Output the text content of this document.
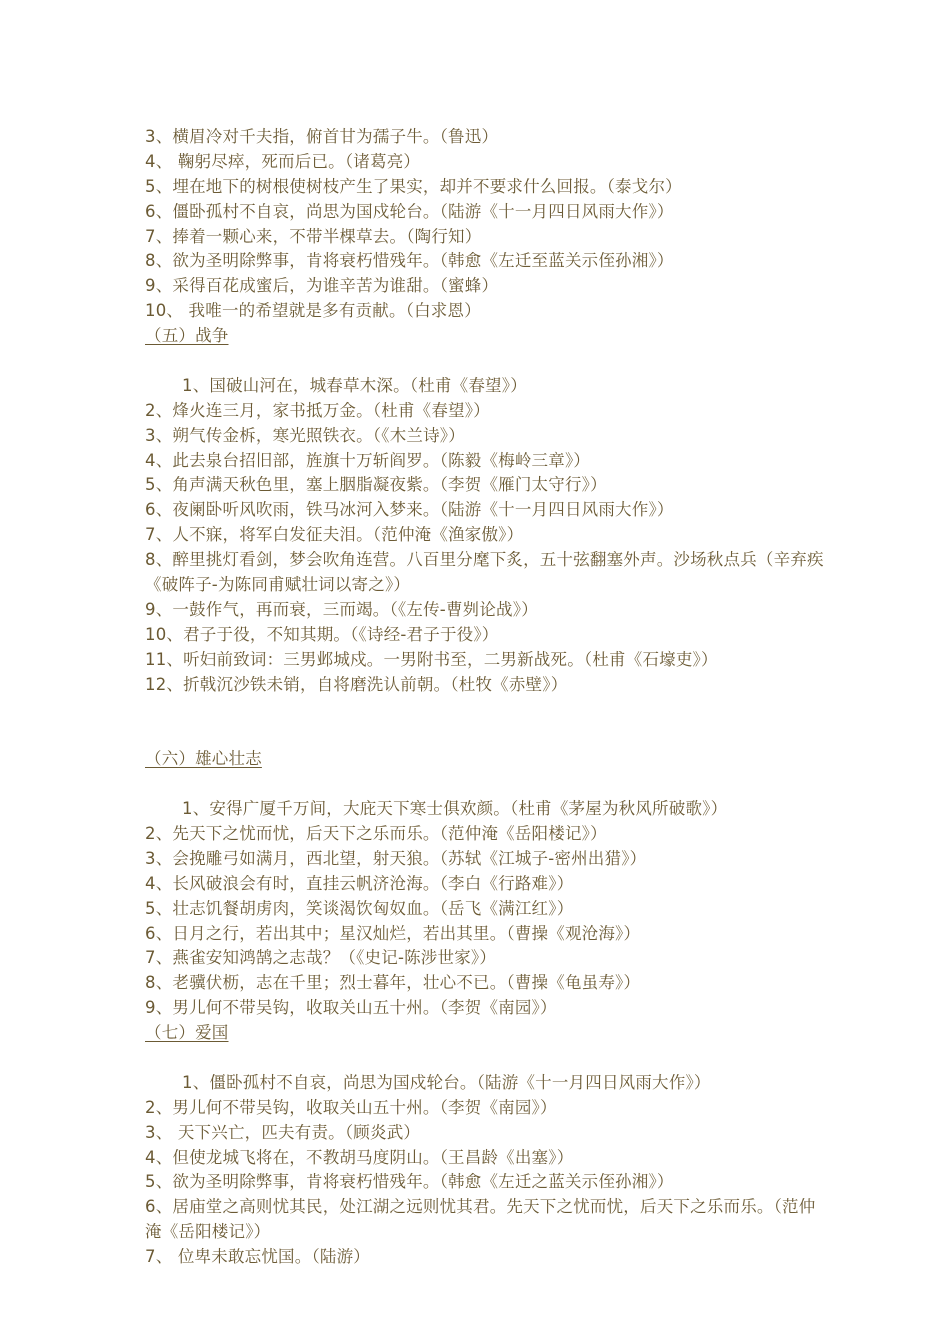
3、横眉冷对千夫指，俯首甘为孺子牛。（鲁迅）
4、 鞠躬尽瘁，死而后已。（诸葛亮）
5、埋在地下的树根使树枝产生了果实，却并不要求什么回报。（泰戈尔）
6、僵卧孤村不自哀，尚思为国戍轮台。（陆游《十一月四日风雨大作》）
7、捧着一颗心来，不带半棵草去。（陶行知）
8、欲为圣明除弊事，肯将衰朽惜残年。（韩愈《左迁至蓝关示侄孙湘》）
9、采得百花成蜜后，为谁辛苦为谁甜。（蜜蜂）
10、 我唯一的希望就是多有贡献。（白求恩）
（五）战争
1、国破山河在，城春草木深。（杜甫《春望》）
2、烽火连三月，家书抵万金。（杜甫《春望》）
3、朔气传金柝，寒光照铁衣。（《木兰诗》）
4、此去泉台招旧部，旌旗十万斩阎罗。（陈毅《梅岭三章》）
5、角声满天秋色里，塞上胭脂凝夜紫。（李贺《雁门太守行》）
6、夜阑卧听风吹雨，铁马冰河入梦来。（陆游《十一月四日风雨大作》）
7、人不寐，将军白发征夫泪。（范仲淹《渔家傲》）
8、醉里挑灯看剑，梦会吹角连营。八百里分麾下炙，五十弦翻塞外声。沙场秋点兵（辛弃疾《破阵子-为陈同甫赋壮词以寄之》）
9、一鼓作气，再而衰，三而竭。（《左传-曹刿论战》）
10、君子于役，不知其期。（《诗经-君子于役》）
11、听妇前致词：三男邺城戍。一男附书至，二男新战死。（杜甫《石壕吏》）
12、折戟沉沙铁未销，自将磨洗认前朝。（杜牧《赤壁》）
（六）雄心壮志
1、安得广厦千万间，大庇天下寒士俱欢颜。（杜甫《茅屋为秋风所破歌》）
2、先天下之忧而忧，后天下之乐而乐。（范仲淹《岳阳楼记》）
3、会挽雕弓如满月，西北望，射天狼。（苏轼《江城子-密州出猎》）
4、长风破浪会有时，直挂云帆济沧海。（李白《行路难》）
5、壮志饥餐胡虏肉，笑谈渴饮匈奴血。（岳飞《满江红》）
6、日月之行，若出其中；星汉灿烂，若出其里。（曹操《观沧海》）
7、燕雀安知鸿鹄之志哉？（《史记-陈涉世家》）
8、老骥伏枥，志在千里；烈士暮年，壮心不已。（曹操《龟虽寿》）
9、男儿何不带吴钩，收取关山五十州。（李贺《南园》）
（七）爱国
1、僵卧孤村不自哀，尚思为国戍轮台。（陆游《十一月四日风雨大作》）
2、男儿何不带吴钩，收取关山五十州。（李贺《南园》）
3、 天下兴亡，匹夫有责。（顾炎武）
4、但使龙城飞将在，不教胡马度阴山。（王昌龄《出塞》）
5、欲为圣明除弊事，肯将衰朽惜残年。（韩愈《左迁之蓝关示侄孙湘》）
6、居庙堂之高则忧其民，处江湖之远则忧其君。先天下之忧而忧，后天下之乐而乐。（范仲淹《岳阳楼记》）
7、 位卑未敢忘忧国。（陆游）
